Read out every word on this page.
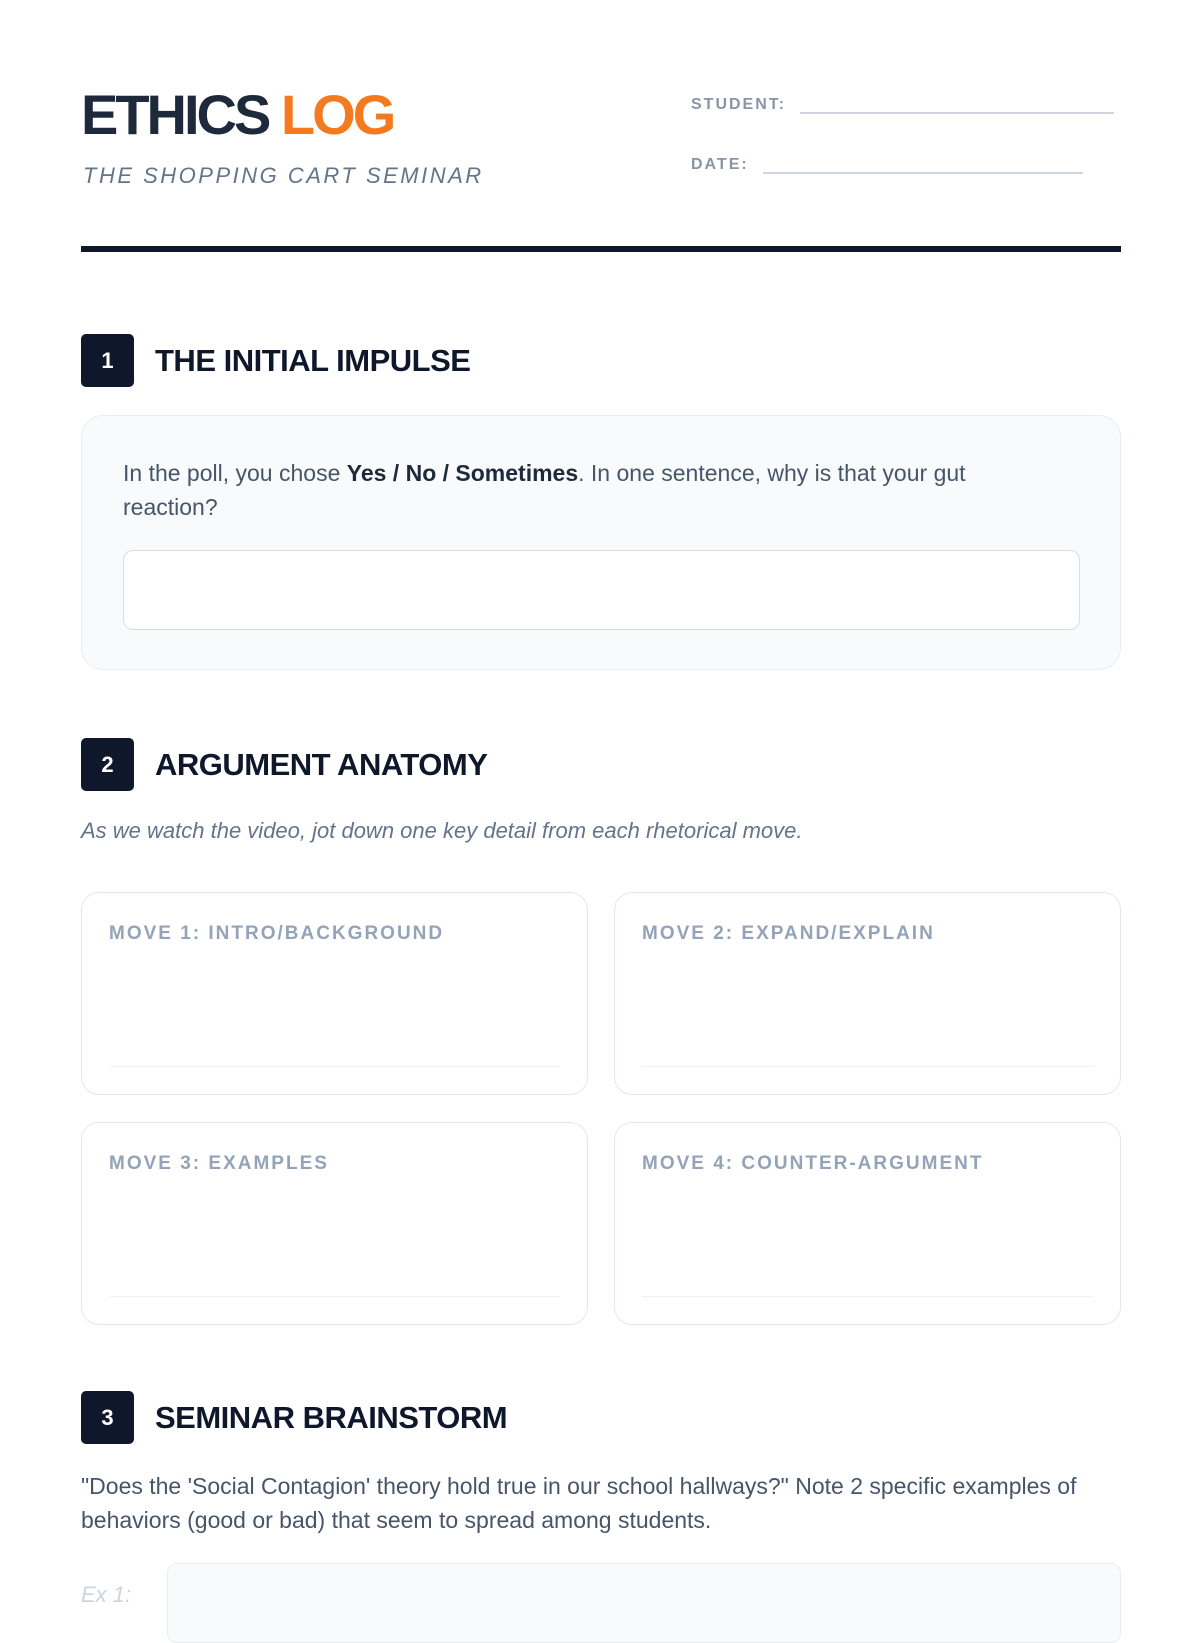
ETHICS LOG
THE SHOPPING CART SEMINAR
STUDENT:
DATE:
1	THE INITIAL IMPULSE
In the poll, you chose Yes / No / Sometimes. In one sentence, why is that your gut reaction?
2	ARGUMENT ANATOMY
As we watch the video, jot down one key detail from each rhetorical move.
MOVE 1: INTRO/BACKGROUND	MOVE 2: EXPAND/EXPLAIN
MOVE 3: EXAMPLES	MOVE 4: COUNTER-ARGUMENT
3	SEMINAR BRAINSTORM
"Does the 'Social Contagion' theory hold true in our school hallways?" Note 2 specific examples of behaviors (good or bad) that seem to spread among students.
Ex 1:
